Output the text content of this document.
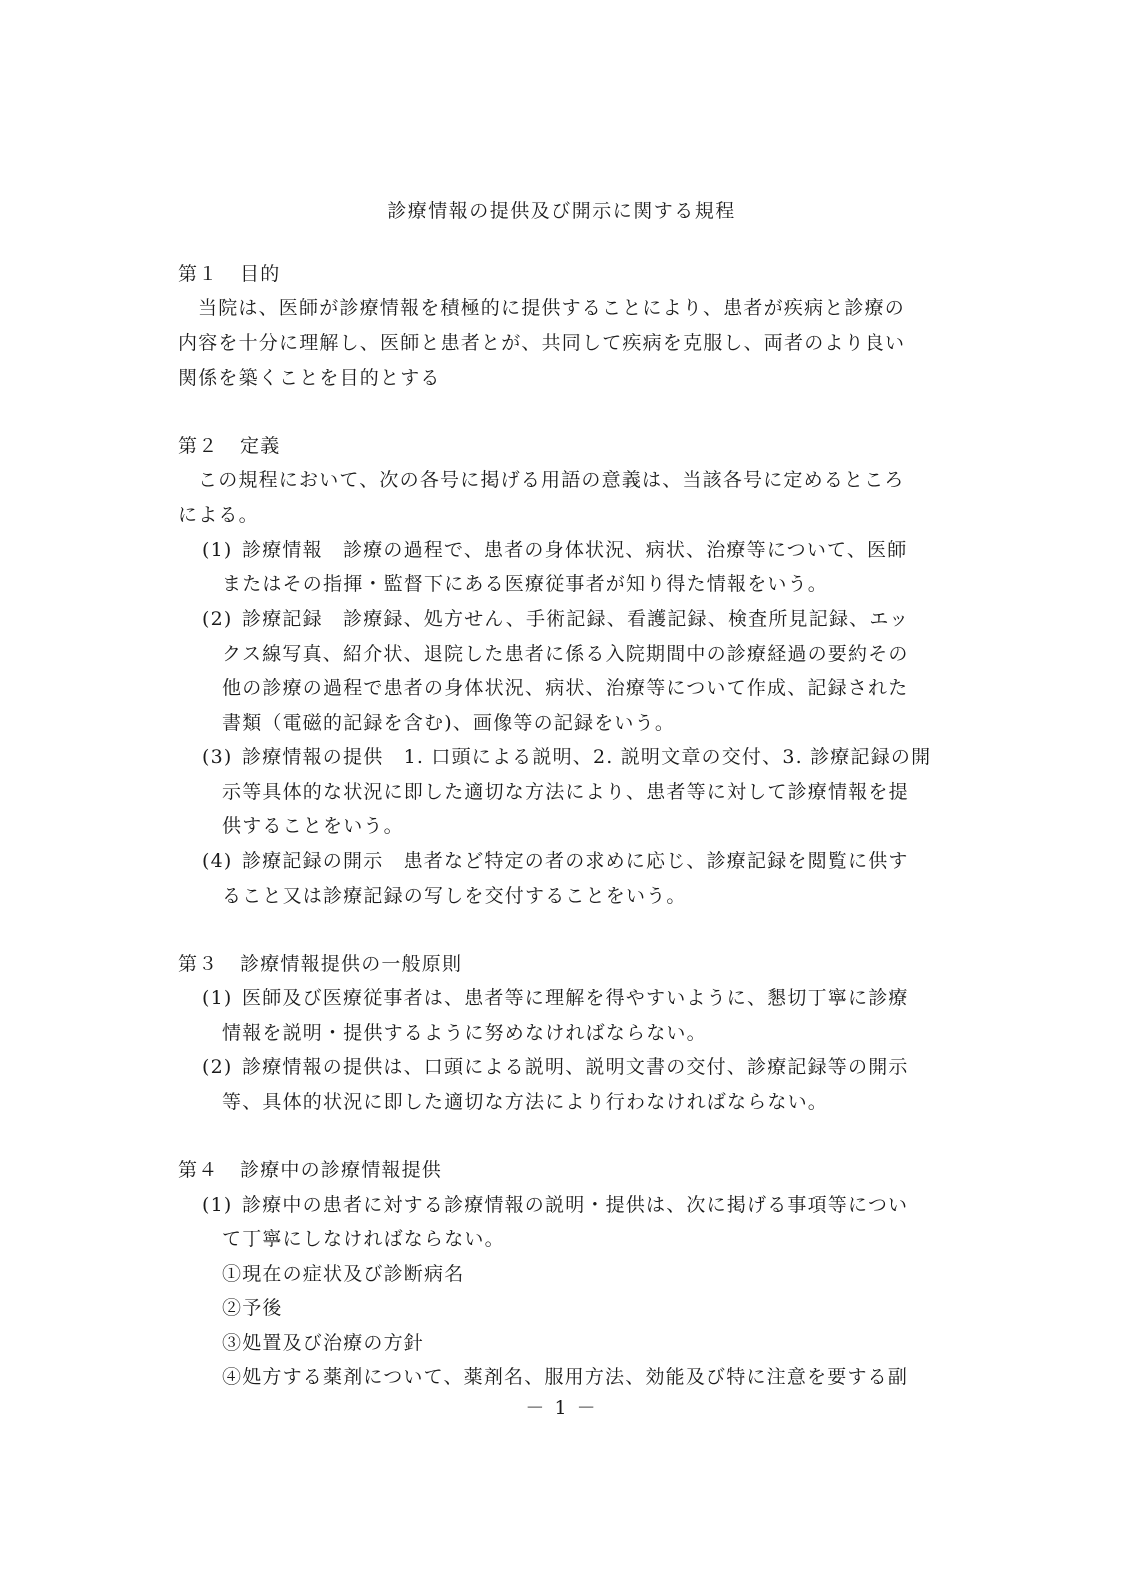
診療情報の提供及び開示に関する規程
第１ 目的
当院は、医師が診療情報を積極的に提供することにより、患者が疾病と診療の
内容を十分に理解し、医師と患者とが、共同して疾病を克服し、両者のより良い
関係を築くことを目的とする
第２ 定義
この規程において、次の各号に掲げる用語の意義は、当該各号に定めるところ
による。
(1) 診療情報　診療の過程で、患者の身体状況、病状、治療等について、医師
またはその指揮・監督下にある医療従事者が知り得た情報をいう。
(2) 診療記録　診療録、処方せん、手術記録、看護記録、検査所見記録、エッ
クス線写真、紹介状、退院した患者に係る入院期間中の診療経過の要約その
他の診療の過程で患者の身体状況、病状、治療等について作成、記録された
書類（電磁的記録を含む)、画像等の記録をいう。
(3) 診療情報の提供　1. 口頭による説明、2. 説明文章の交付、3. 診療記録の開
示等具体的な状況に即した適切な方法により、患者等に対して診療情報を提
供することをいう。
(4) 診療記録の開示　患者など特定の者の求めに応じ、診療記録を閲覧に供す
ること又は診療記録の写しを交付することをいう。
第３ 診療情報提供の一般原則
(1) 医師及び医療従事者は、患者等に理解を得やすいように、懇切丁寧に診療
情報を説明・提供するように努めなければならない。
(2) 診療情報の提供は、口頭による説明、説明文書の交付、診療記録等の開示
等、具体的状況に即した適切な方法により行わなければならない。
第４ 診療中の診療情報提供
(1) 診療中の患者に対する診療情報の説明・提供は、次に掲げる事項等につい
て丁寧にしなければならない。
①現在の症状及び診断病名
②予後
③処置及び治療の方針
④処方する薬剤について、薬剤名、服用方法、効能及び特に注意を要する副
－ 1 －
